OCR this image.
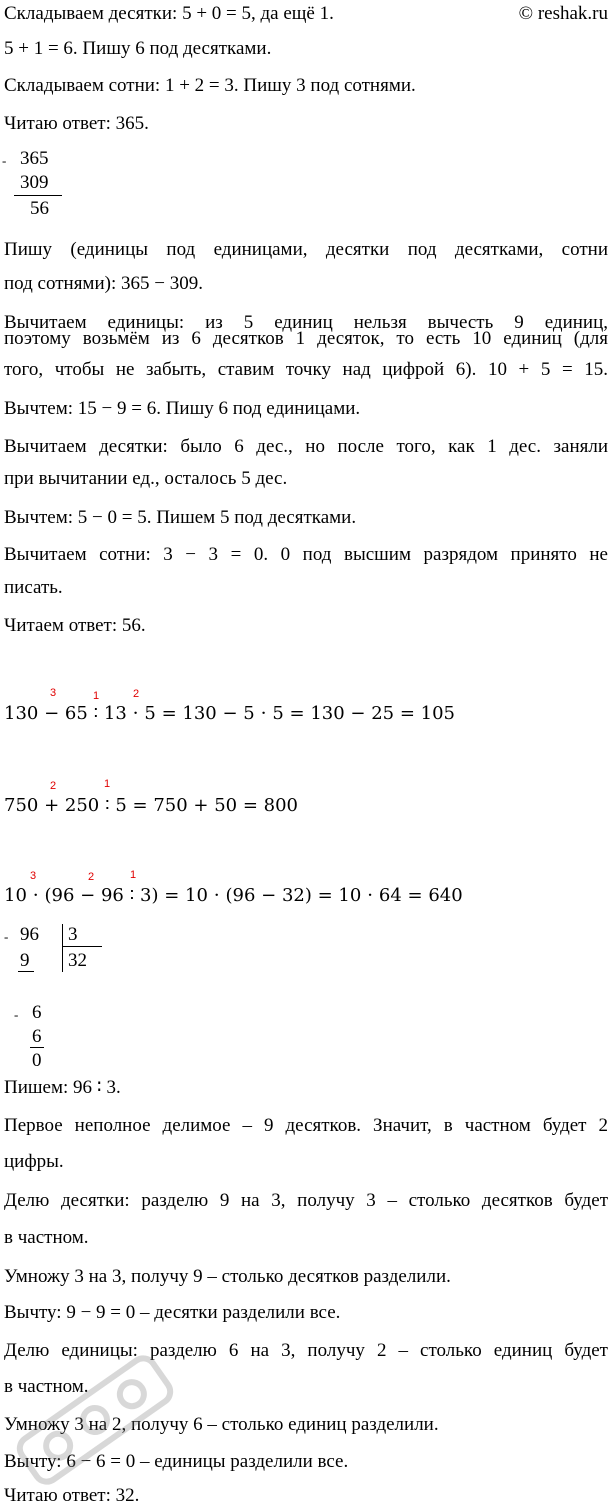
Складываем десятки: 5 + 0 = 5, да ещё 1.	© reshak.ru
5 + 1 = 6. Пишу 6 под десятками.
Складываем сотни: 1 + 2 = 3. Пишу 3 под сотнями.
Читаю ответ: 365.
- 365
309
56
Пишу (единицы под единицами, десятки под десятками, сотни
под сотнями): 365 − 309.
Вычитаем единицы: из 5 единиц нельзя вычесть 9 единиц,
поэтому возьмём из 6 десятков 1 десяток, то есть 10 единиц (для
того, чтобы не забыть, ставим точку над цифрой 6). 10 + 5 = 15.
Вычтем: 15 − 9 = 6. Пишу 6 под единицами.
Вычитаем десятки: было 6 дес., но после того, как 1 дес. заняли
при вычитании ед., осталось 5 дес.
Вычтем: 5 − 0 = 5. Пишем 5 под десятками.
Вычитаем сотни: 3 − 3 = 0. 0 под высшим разрядом принято не
писать.
Читаем ответ: 56.
3	1	2
130 − 65 ∶ 13 ⋅ 5 = 130 − 5 ⋅ 5 = 130 − 25 = 105
2	1
750 + 250 ∶ 5 = 750 + 50 = 800
3	2	1
10 ⋅ (96 − 96 ∶ 3) = 10 ⋅ (96 − 32) = 10 ⋅ 64 = 640
- 96 3
32
9
- 6
6
0
Пишем: 96 ∶ 3.
Первое неполное делимое – 9 десятков. Значит, в частном будет 2
цифры.
Делю десятки: разделю 9 на 3, получу 3 – столько десятков будет
в частном.
Умножу 3 на 3, получу 9 – столько десятков разделили.
Вычту: 9 − 9 = 0 – десятки разделили все.
Делю единицы: разделю 6 на 3, получу 2 – столько единиц будет
в частном.
Умножу 3 на 2, получу 6 – столько единиц разделили.
Вычту: 6 − 6 = 0 – единицы разделили все.
Читаю ответ: 32.
